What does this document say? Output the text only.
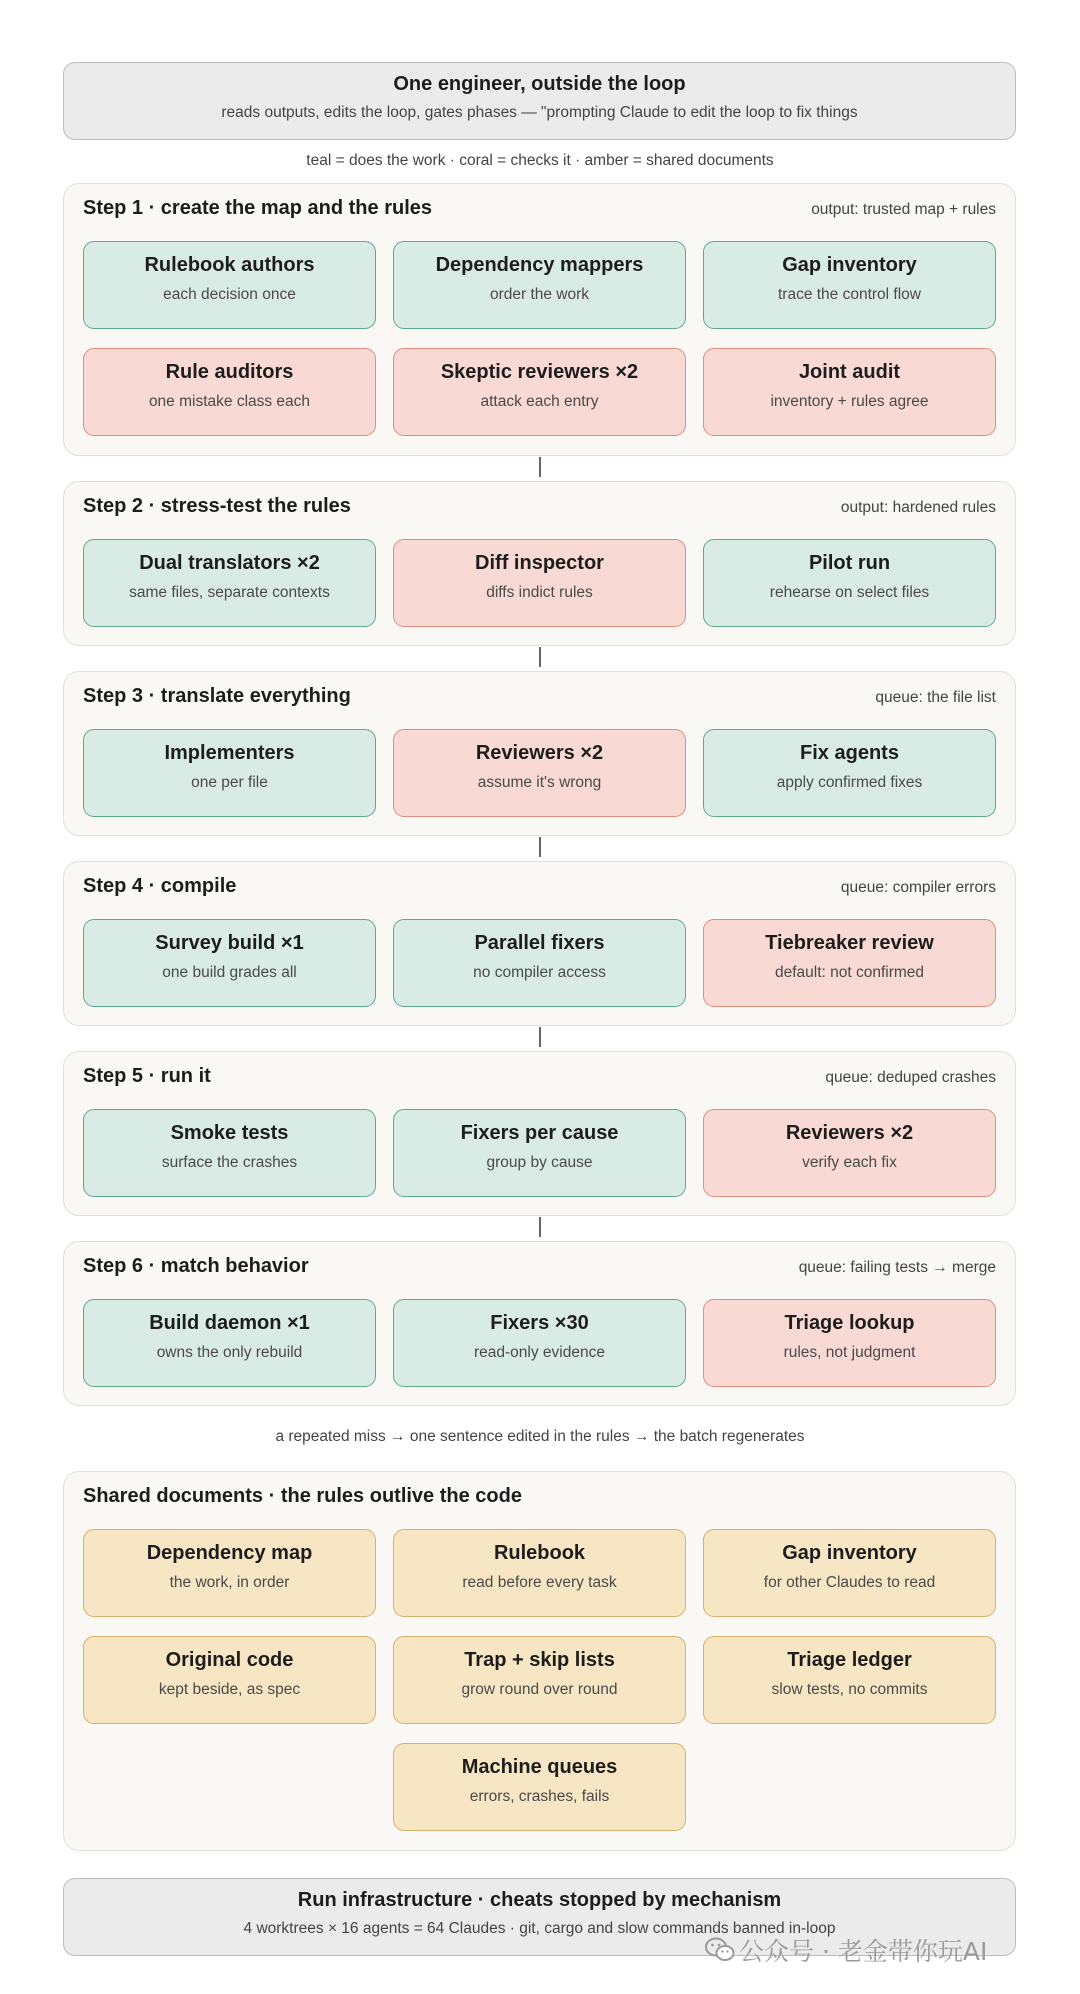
One engineer, outside the loop
reads outputs, edits the loop, gates phases — "prompting Claude to edit the loop to fix things
teal = does the work · coral = checks it · amber = shared documents
Step 1 · create the map and the rules	output: trusted map + rules
Rulebook authors
each decision once
Dependency mappers
order the work
Gap inventory
trace the control flow
Rule auditors
one mistake class each
Skeptic reviewers ×2
attack each entry
Joint audit
inventory + rules agree
Step 2 · stress-test the rules	output: hardened rules
Dual translators ×2
same files, separate contexts
Diff inspector
diffs indict rules
Pilot run
rehearse on select files
Step 3 · translate everything	queue: the file list
Implementers
one per file
Reviewers ×2
assume it's wrong
Fix agents
apply confirmed fixes
Step 4 · compile	queue: compiler errors
Survey build ×1
one build grades all
Parallel fixers
no compiler access
Tiebreaker review
default: not confirmed
Step 5 · run it	queue: deduped crashes
Smoke tests
surface the crashes
Fixers per cause
group by cause
Reviewers ×2
verify each fix
Step 6 · match behavior	queue: failing tests → merge
Build daemon ×1
owns the only rebuild
Fixers ×30
read-only evidence
Triage lookup
rules, not judgment
a repeated miss → one sentence edited in the rules → the batch regenerates
Shared documents · the rules outlive the code
Dependency map
the work, in order
Rulebook
read before every task
Gap inventory
for other Claudes to read
Original code
kept beside, as spec
Trap + skip lists
grow round over round
Triage ledger
slow tests, no commits
Machine queues
errors, crashes, fails
Run infrastructure · cheats stopped by mechanism
4 worktrees × 16 agents = 64 Claudes · git, cargo and slow commands banned in-loop
公众号 · 老金带你玩AI
